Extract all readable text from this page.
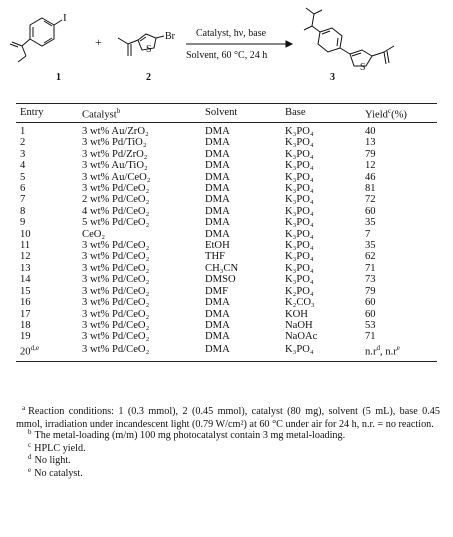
I
+
S
Br Catalyst, hν, base
Solvent, 60 °C, 24 h
S
1	2	3
Entry	Catalyst$^b$	Solvent	Base	Yield$^c$(%)
1	3 wt% Au/ZrO₂	DMA	K₃PO₄	40
2	3 wt% Pd/TiO₂	DMA	K₃PO₄	13
3	3 wt% Pd/ZrO₂	DMA	K₃PO₄	79
4	3 wt% Au/TiO₂	DMA	K₃PO₄	12
5	3 wt% Au/CeO₂	DMA	K₃PO₄	46
6	3 wt% Pd/CeO₂	DMA	K₃PO₄	81
7	2 wt% Pd/CeO₂	DMA	K₃PO₄	72
8	4 wt% Pd/CeO₂	DMA	K₃PO₄	60
9	5 wt% Pd/CeO₂	DMA	K₃PO₄	35
10	CeO₂	DMA	K₃PO₄	7
11	3 wt% Pd/CeO₂	EtOH	K₃PO₄	35
12	3 wt% Pd/CeO₂	THF	K₃PO₄	62
13	3 wt% Pd/CeO₂	CH₃CN	K₃PO₄	71
14	3 wt% Pd/CeO₂	DMSO	K₃PO₄	73
15	3 wt% Pd/CeO₂	DMF	K₂PO₄	79
16	3 wt% Pd/CeO₂	DMA	K₂CO₃	60
17	3 wt% Pd/CeO₂	DMA	KOH	60
18	3 wt% Pd/CeO₂	DMA	NaOH	53
19	3 wt% Pd/CeO₂	DMA	NaOAc	71
20$^{d,e}$	3 wt% Pd/CeO₂	DMA	K₃PO₄	$n.r^d$, $n.r^e$

$^a$ Reaction conditions: 1 (0.3 mmol), 2 (0.45 mmol), catalyst (80 mg), solvent (5 mL), base 0.45 mmol, irradiation under incandescent light (0.79 W/cm²) at 60 °C under air for 24 h, n.r. = no reaction.

$^b$ The metal-loading (m/m) 100 mg photocatalyst contain 3 mg metal-loading.

$^c$ HPLC yield.

$^d$ No light.

$^e$ No catalyst.
